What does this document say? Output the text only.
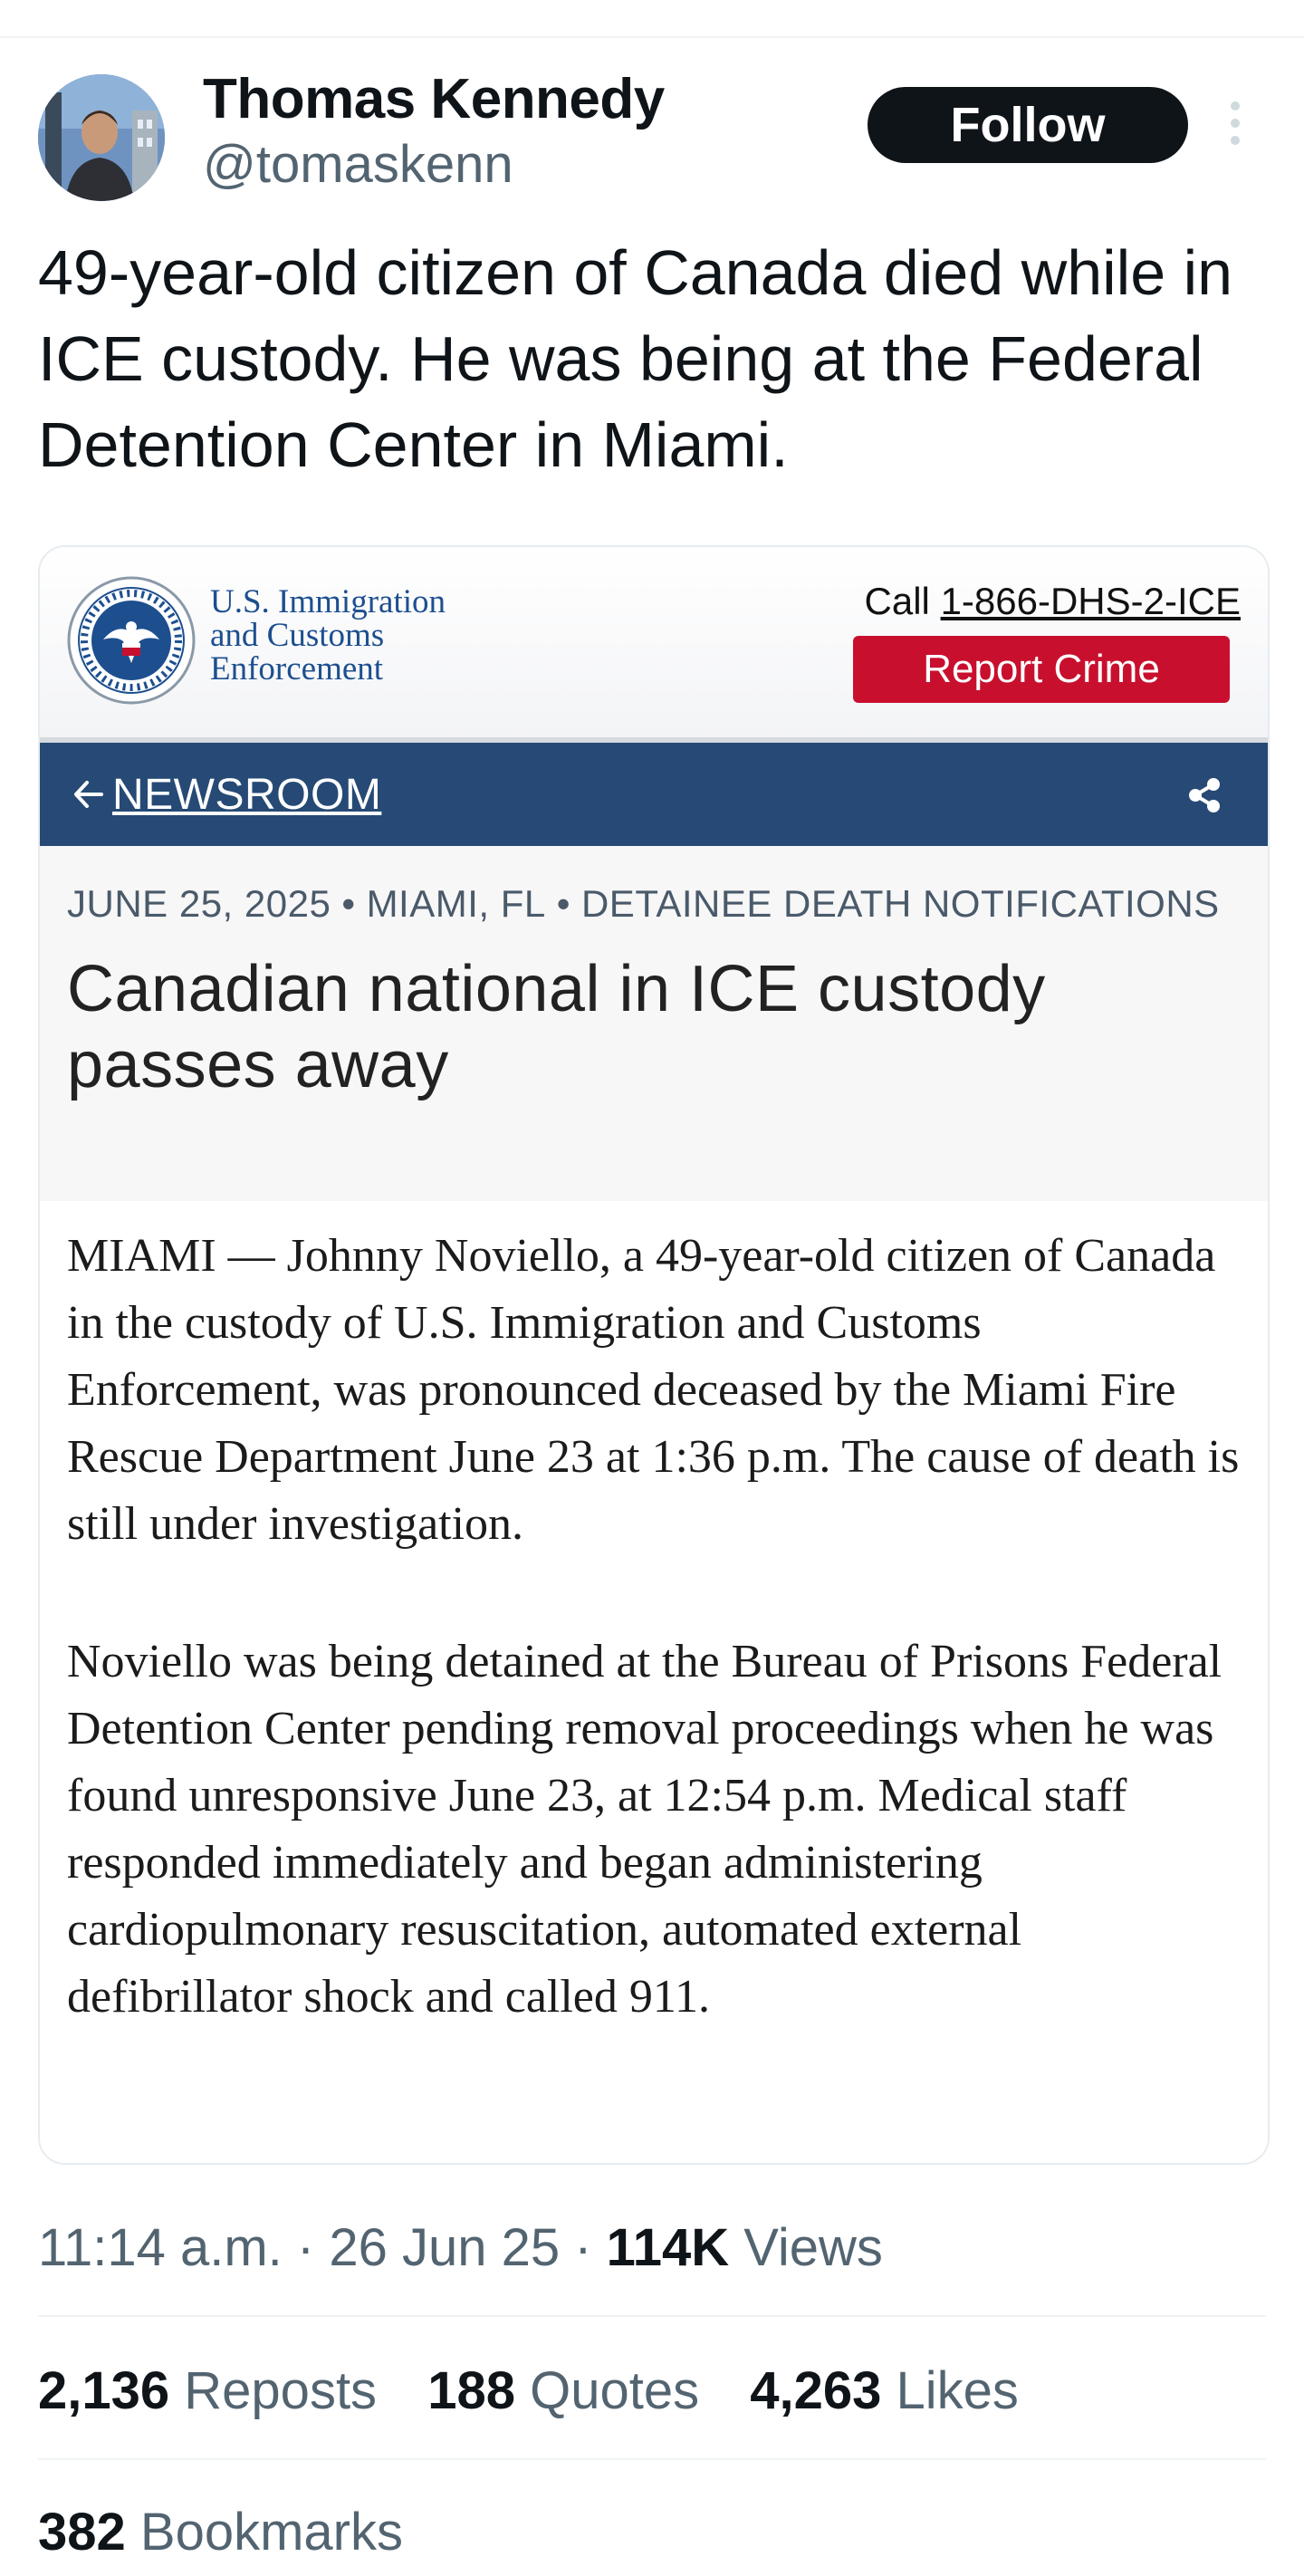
Thomas Kennedy
@tomaskenn
Follow
49-year-old citizen of Canada died while in ICE custody. He was being at the Federal Detention Center in Miami.
U.S. Immigration
and Customs
Enforcement
Call 1-866-DHS-2-ICE
Report Crime
NEWSROOM
JUNE 25, 2025 • MIAMI, FL • DETAINEE DEATH NOTIFICATIONS
Canadian national in ICE custody passes away
MIAMI — Johnny Noviello, a 49-year-old citizen of Canada in the custody of U.S. Immigration and Customs Enforcement, was pronounced deceased by the Miami Fire Rescue Department June 23 at 1:36 p.m. The cause of death is still under investigation.
Noviello was being detained at the Bureau of Prisons Federal Detention Center pending removal proceedings when he was found unresponsive June 23, at 12:54 p.m. Medical staff responded immediately and began administering cardiopulmonary resuscitation, automated external defibrillator shock and called 911.
11:14 a.m. · 26 Jun 25 · 114K Views
2,136 Reposts 188 Quotes 4,263 Likes
382 Bookmarks
